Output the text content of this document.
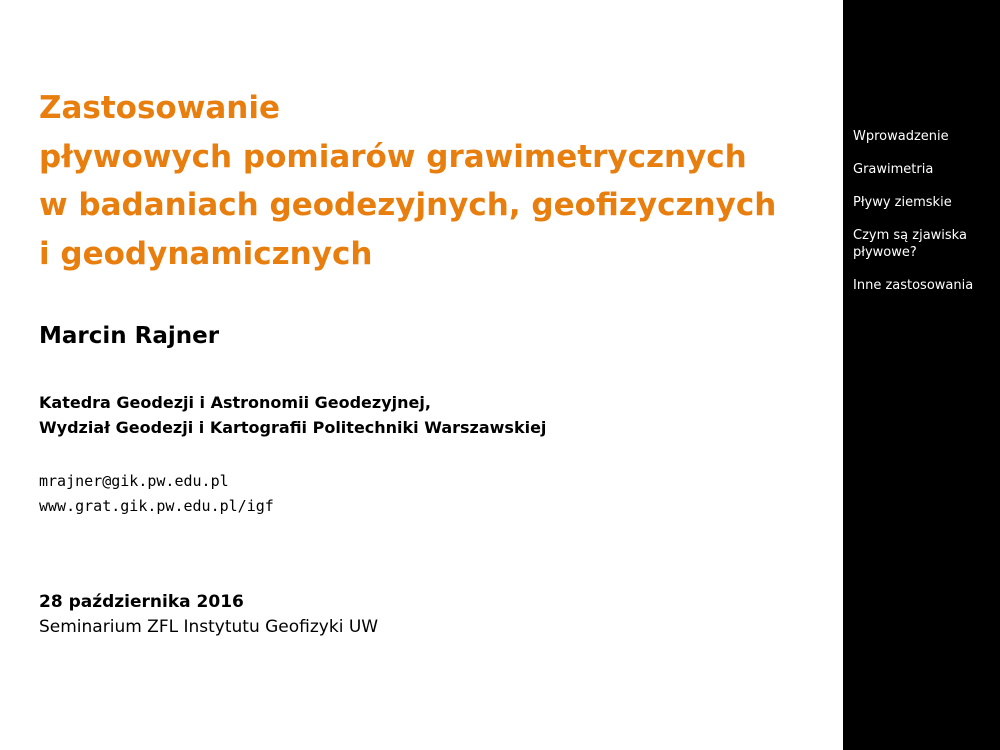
Zastosowanie
pływowych pomiarów grawimetrycznych
w badaniach geodezyjnych, geofizycznych
i geodynamicznych
Marcin Rajner
Katedra Geodezji i Astronomii Geodezyjnej,
Wydział Geodezji i Kartografii Politechniki Warszawskiej
mrajner@gik.pw.edu.pl
www.grat.gik.pw.edu.pl/igf
28 października 2016
Seminarium ZFL Instytutu Geofizyki UW
Wprowadzenie
Grawimetria
Pływy ziemskie
Czym są zjawiska pływowe?
Inne zastosowania
